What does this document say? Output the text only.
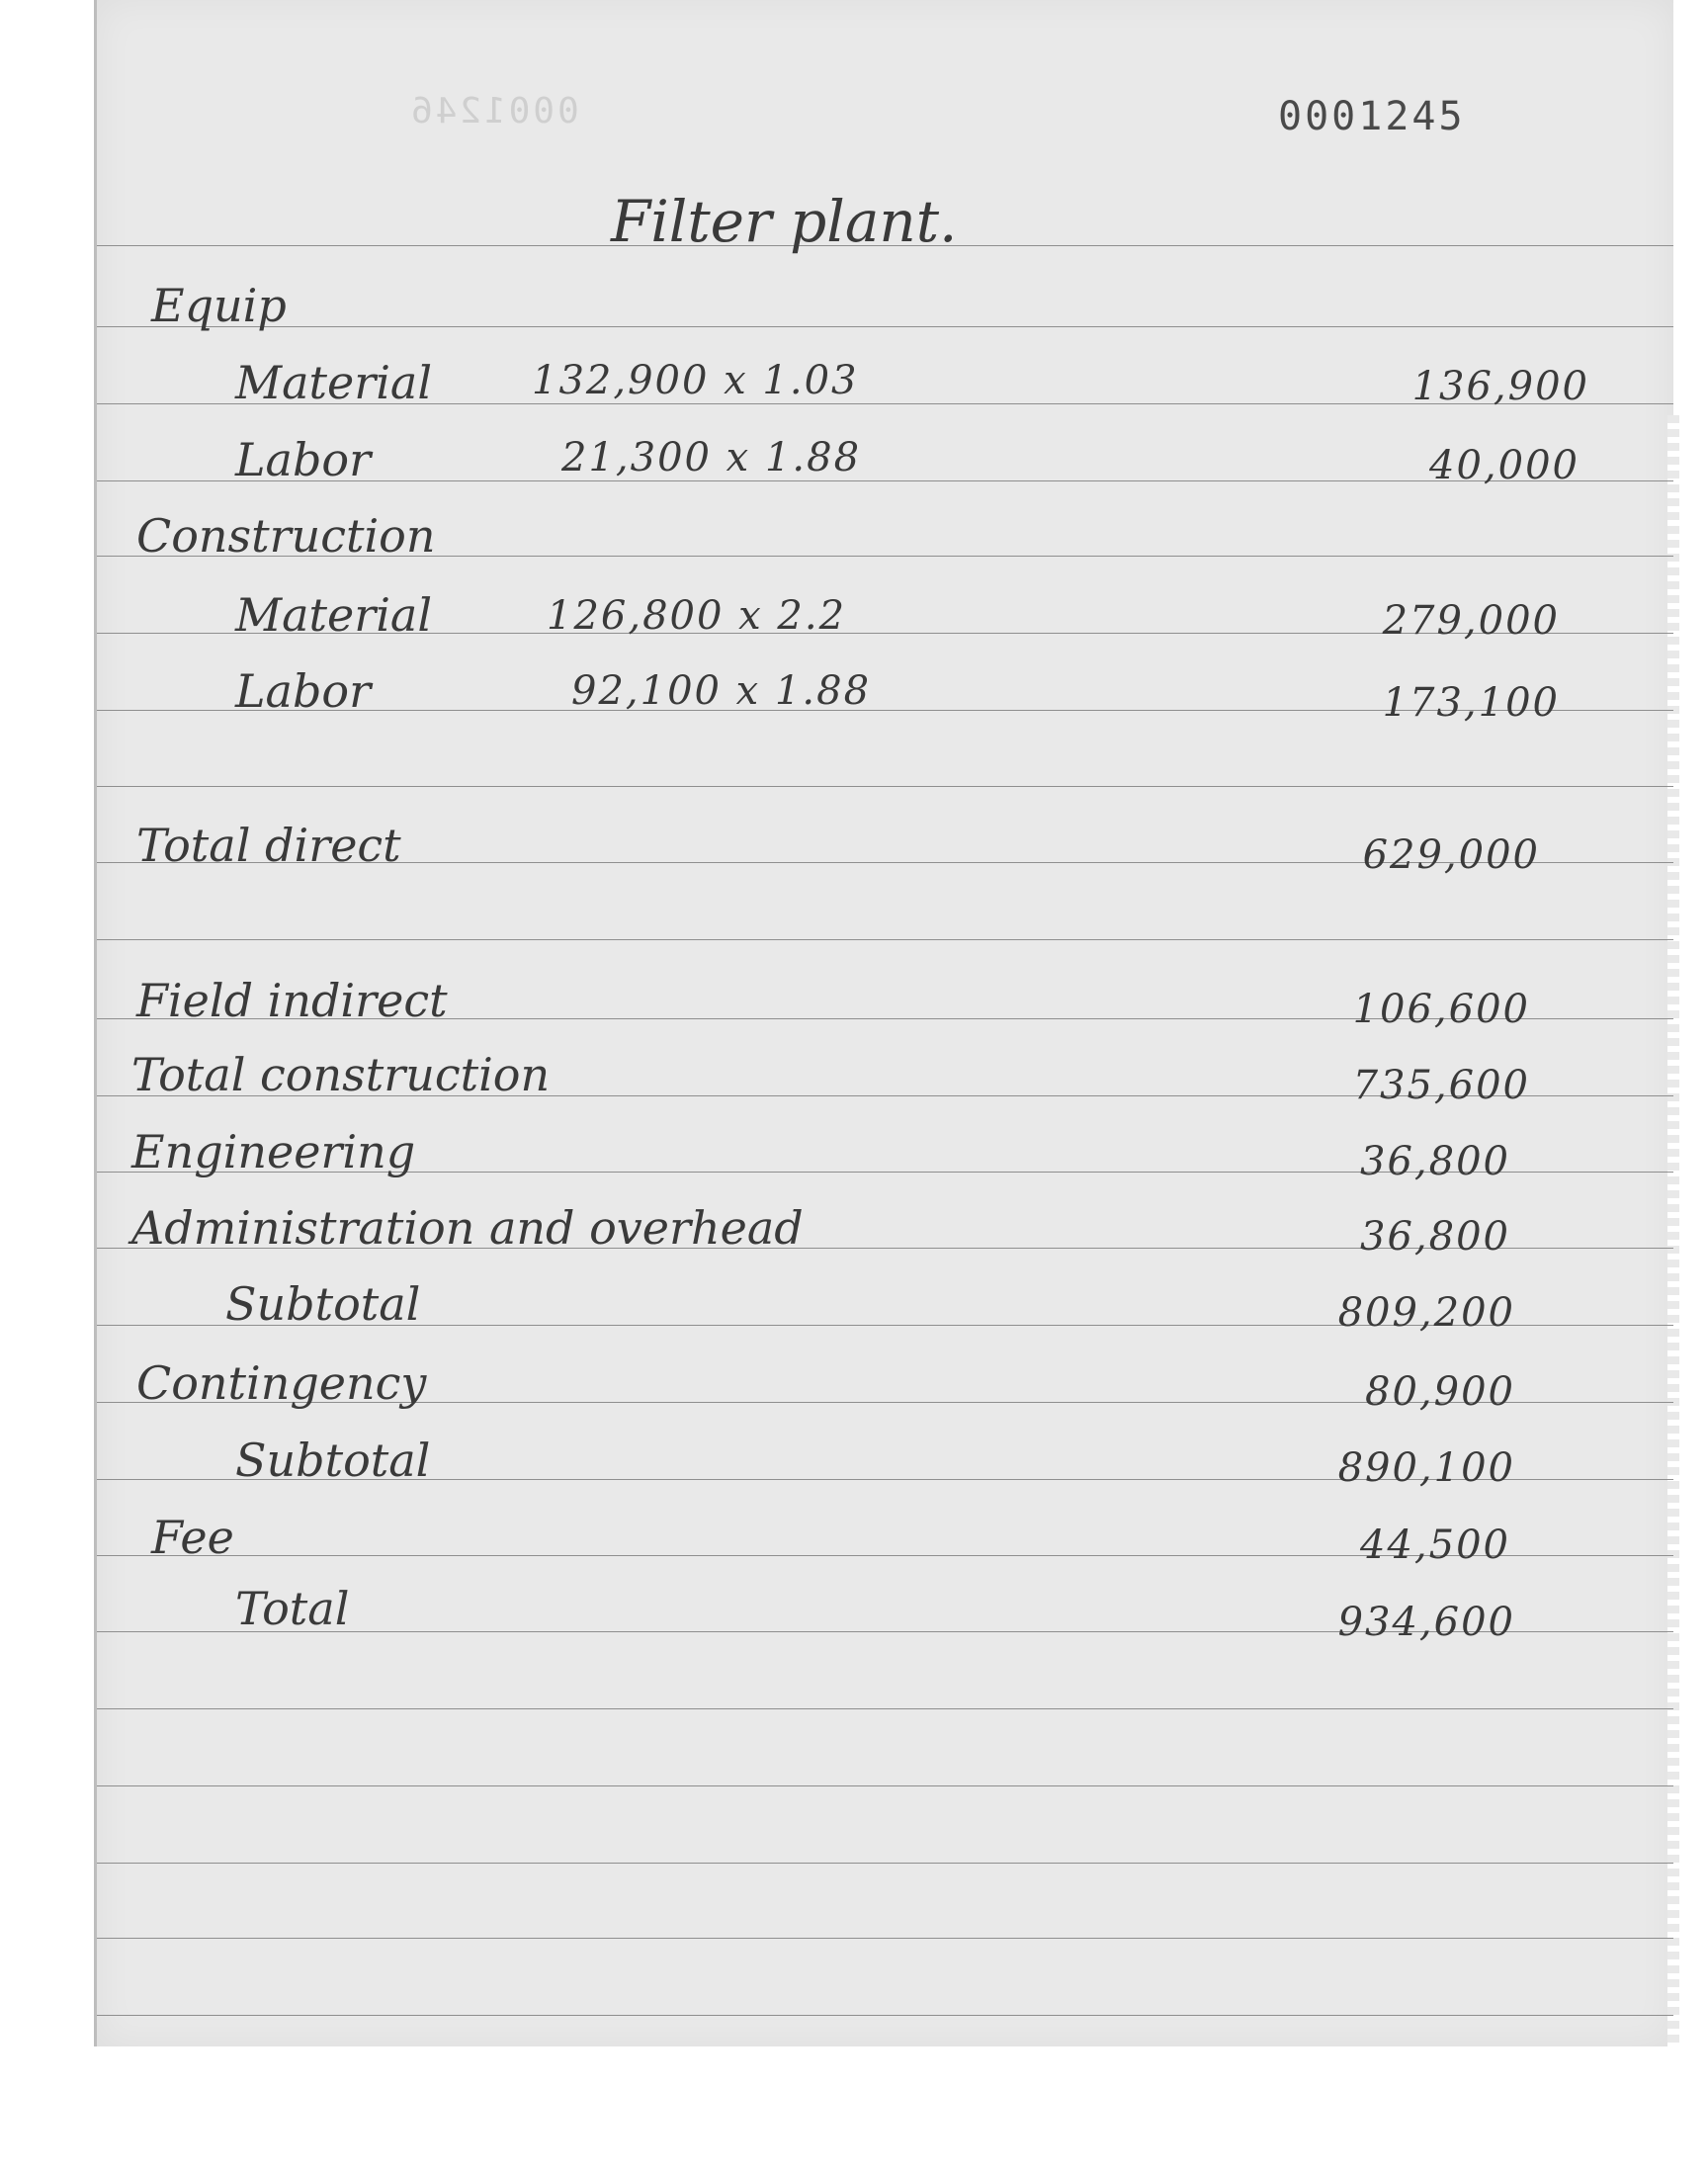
0001246	0001245
Filter plant.
Equip
Material	132,900 x 1.03	136,900
Labor	21,300 x 1.88	40,000
Construction
Material	126,800 x 2.2	279,000
Labor	92,100 x 1.88	173,100
Total direct	629,000
Field indirect	106,600
Total construction	735,600
Engineering	36,800
Administration and overhead	36,800
Subtotal	809,200
Contingency	80,900
Subtotal	890,100
Fee	44,500
Total	934,600
